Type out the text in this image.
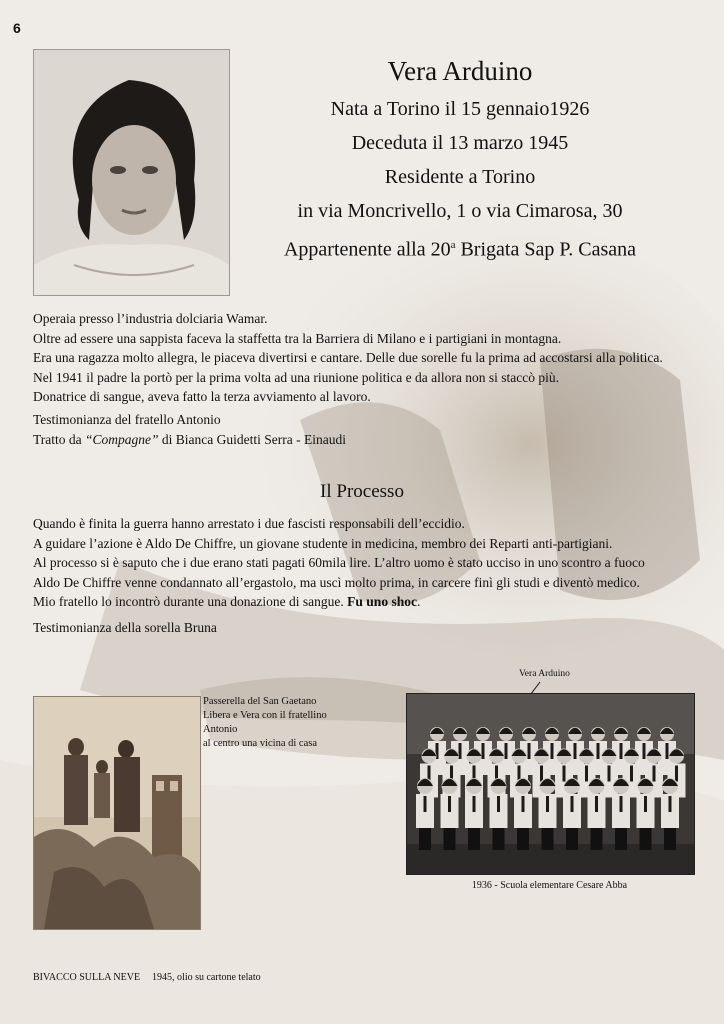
6
Vera Arduino
Nata a Torino il 15 gennaio1926
Deceduta il 13 marzo 1945
Residente a Torino
in via Moncrivello, 1 o via Cimarosa, 30
Appartenente alla 20$^a$ Brigata Sap P. Casana

Operaia presso l’industria dolciaria Wamar.

Oltre ad essere una sappista faceva la staffetta tra la Barriera di Milano e i partigiani in montagna.

Era una ragazza molto allegra, le piaceva divertirsi e cantare. Delle due sorelle fu la prima ad accostarsi alla politica.

Nel 1941 il padre la portò per la prima volta ad una riunione politica e da allora non si staccò più.

Donatrice di sangue, aveva fatto la terza avviamento al lavoro.

Testimonianza del fratello Antonio

Tratto da “Compagne” di Bianca Guidetti Serra - Einaudi

Il Processo

Quando è finita la guerra hanno arrestato i due fascisti responsabili dell’eccidio.

A guidare l’azione è Aldo De Chiffre, un giovane studente in medicina, membro dei Reparti anti-partigiani.

Al processo si è saputo che i due erano stati pagati 60mila lire. L’altro uomo è stato ucciso in uno scontro a fuoco

Aldo De Chiffre venne condannato all’ergastolo, ma uscì molto prima, in carcere finì gli studi e diventò medico.

Mio fratello lo incontrò durante una donazione di sangue. Fu uno shoc.

Testimonianza della sorella Bruna

Passerella del San Gaetano

Libera e Vera con il fratellino Antonio

al centro una vicina di casa

Vera Arduino
1936 - Scuola elementare Cesare Abba
BIVACCO SULLA NEVE 1945, olio su cartone telato
